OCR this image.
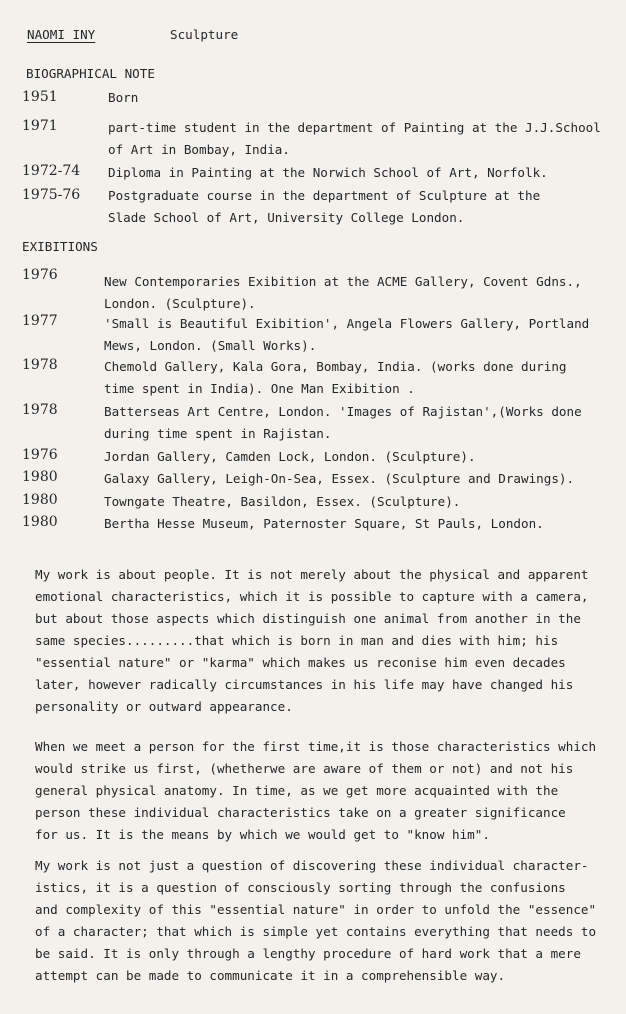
NAOMI INY	Sculpture
BIOGRAPHICAL NOTE
1951	Born
1971	part-time student in the department of Painting at the J.J.School
of Art in Bombay, India.
1972-74 Diploma in Painting at the Norwich School of Art, Norfolk.
1975-76 Postgraduate course in the department of Sculpture at the
Slade School of Art, University College London.
EXIBITIONS
1976	New Contemporaries Exibition at the ACME Gallery, Covent Gdns.,
London. (Sculpture).
1977	'Small is Beautiful Exibition', Angela Flowers Gallery, Portland
Mews, London. (Small Works).
1978	Chemold Gallery, Kala Gora, Bombay, India. (works done during
time spent in India). One Man Exibition .
1978	Batterseas Art Centre, London. 'Images of Rajistan',(Works done
during time spent in Rajistan.
1976	Jordan Gallery, Camden Lock, London. (Sculpture).
1980	Galaxy Gallery, Leigh-On-Sea, Essex. (Sculpture and Drawings).
1980	Towngate Theatre, Basildon, Essex. (Sculpture).
1980	Bertha Hesse Museum, Paternoster Square, St Pauls, London.
My work is about people. It is not merely about the physical and apparent
emotional characteristics, which it is possible to capture with a camera,
but about those aspects which distinguish one animal from another in the
same species.........that which is born in man and dies with him; his
"essential nature" or "karma" which makes us reconise him even decades
later, however radically circumstances in his life may have changed his
personality or outward appearance.
When we meet a person for the first time,it is those characteristics which
would strike us first, (whetherwe are aware of them or not) and not his
general physical anatomy. In time, as we get more acquainted with the
person these individual characteristics take on a greater significance
for us. It is the means by which we would get to "know him".
My work is not just a question of discovering these individual character-
istics, it is a question of consciously sorting through the confusions
and complexity of this "essential nature" in order to unfold the "essence"
of a character; that which is simple yet contains everything that needs to
be said. It is only through a lengthy procedure of hard work that a mere
attempt can be made to communicate it in a comprehensible way.
